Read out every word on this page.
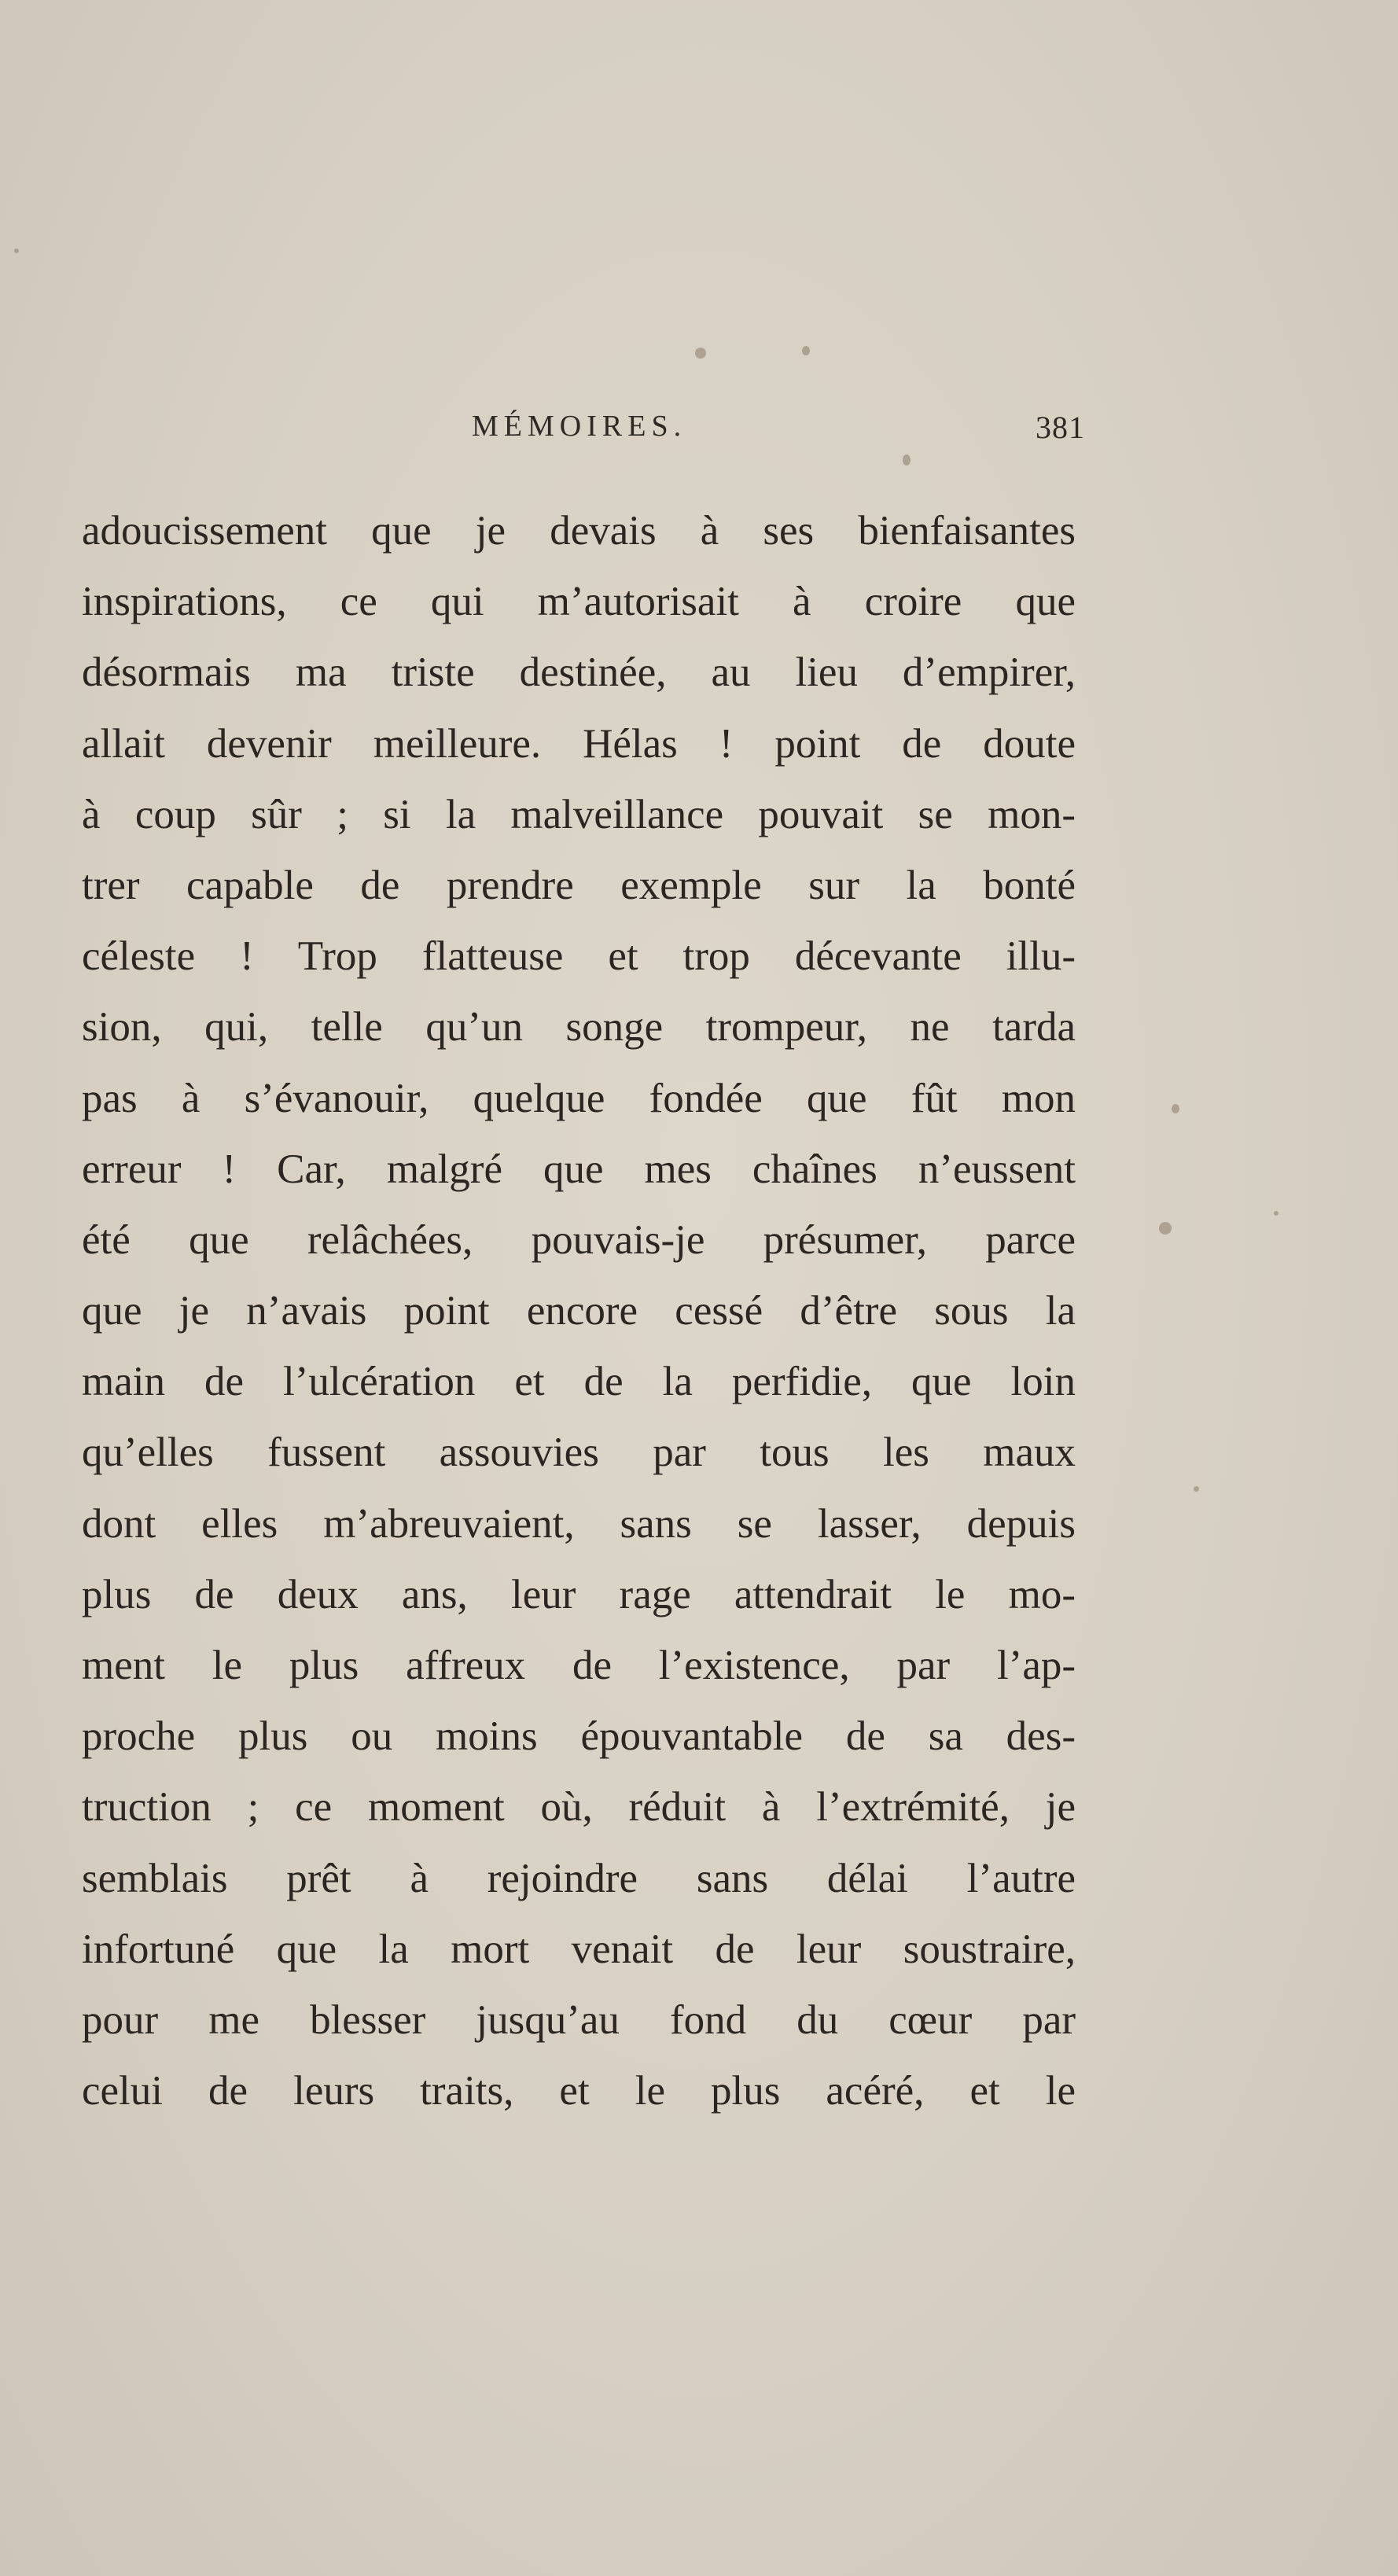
MÉMOIRES.	381
adoucissement que je devais à ses bienfaisantes
inspirations, ce qui m’autorisait à croire que
désormais ma triste destinée, au lieu d’empirer,
allait devenir meilleure. Hélas ! point de doute
à coup sûr ; si la malveillance pouvait se mon-
trer capable de prendre exemple sur la bonté
céleste ! Trop flatteuse et trop décevante illu-
sion, qui, telle qu’un songe trompeur, ne tarda
pas à s’évanouir, quelque fondée que fût mon
erreur ! Car, malgré que mes chaînes n’eussent
été que relâchées, pouvais-je présumer, parce
que je n’avais point encore cessé d’être sous la
main de l’ulcération et de la perfidie, que loin
qu’elles fussent assouvies par tous les maux
dont elles m’abreuvaient, sans se lasser, depuis
plus de deux ans, leur rage attendrait le mo-
ment le plus affreux de l’existence, par l’ap-
proche plus ou moins épouvantable de sa des-
truction ; ce moment où, réduit à l’extrémité, je
semblais prêt à rejoindre sans délai l’autre
infortuné que la mort venait de leur soustraire,
pour me blesser jusqu’au fond du cœur par
celui de leurs traits, et le plus acéré, et le
